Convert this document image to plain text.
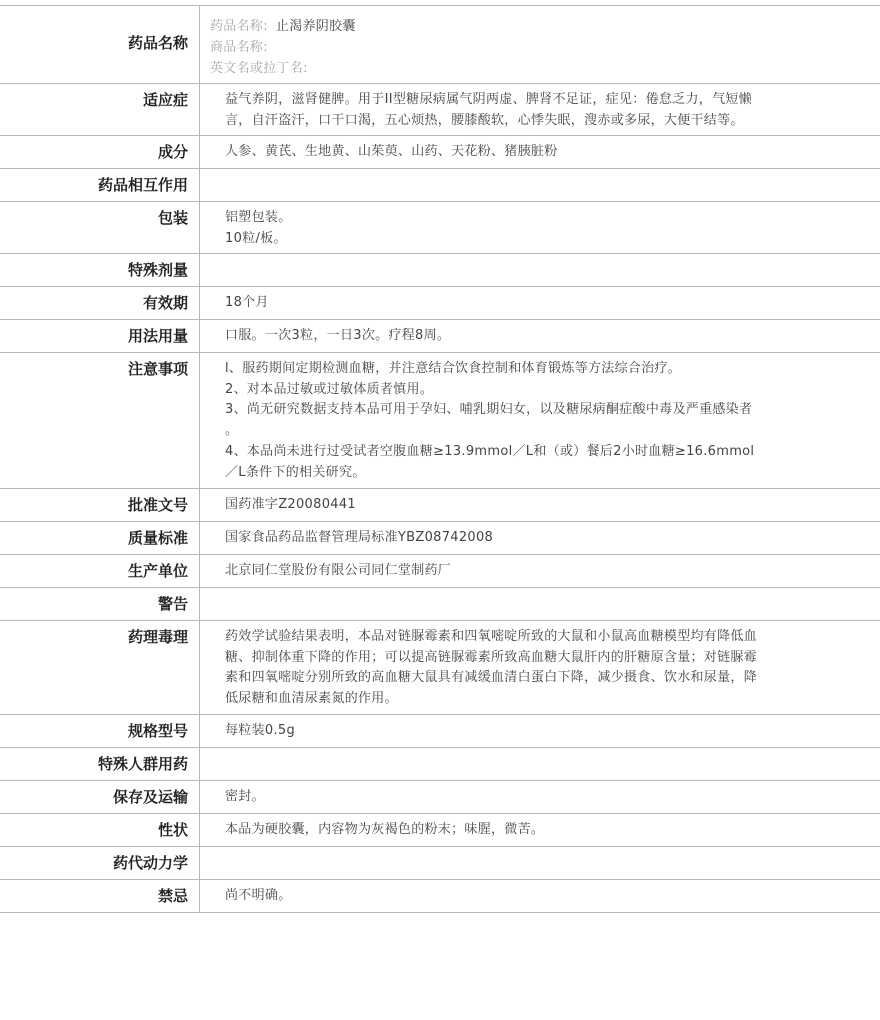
药品名称
药品名称: 止渴养阴胶囊
商品名称:
英文名或拉丁名:
适应症	益气养阴，滋肾健脾。用于II型糖尿病属气阴两虚、脾肾不足证，症见：倦怠乏力，气短懒
言，自汗盗汗，口干口渴，五心烦热，腰膝酸软，心悸失眠，溲赤或多尿，大便干结等。
成分	人参、黄芪、生地黄、山茱萸、山药、天花粉、猪胰脏粉
药品相互作用
包装	铝塑包装。
10粒/板。
特殊剂量
有效期	18个月
用法用量	口服。一次3粒，一日3次。疗程8周。
注意事项	l、服药期间定期检测血糖，并注意结合饮食控制和体育锻炼等方法综合治疗。
2、对本品过敏或过敏体质者慎用。
3、尚无研究数据支持本品可用于孕妇、哺乳期妇女，以及糖尿病酮症酸中毒及严重感染者
。
4、本品尚未进行过受试者空腹血糖≥13.9mmol／L和（或）餐后2小时血糖≥16.6mmol
／L条件下的相关研究。
批准文号	国药准字Z20080441
质量标准	国家食品药品监督管理局标准YBZ08742008
生产单位	北京同仁堂股份有限公司同仁堂制药厂
警告
药理毒理	药效学试验结果表明，本品对链脲霉素和四氧嘧啶所致的大鼠和小鼠高血糖模型均有降低血
糖、抑制体重下降的作用；可以提高链脲霉素所致高血糖大鼠肝内的肝糖原含量；对链脲霉
素和四氧嘧啶分别所致的高血糖大鼠具有减缓血清白蛋白下降，减少摄食、饮水和尿量，降
低尿糖和血清尿素氮的作用。
规格型号	每粒装0.5g
特殊人群用药
保存及运输	密封。
性状	本品为硬胶囊，内容物为灰褐色的粉末；味腥，微苦。
药代动力学
禁忌	尚不明确。
